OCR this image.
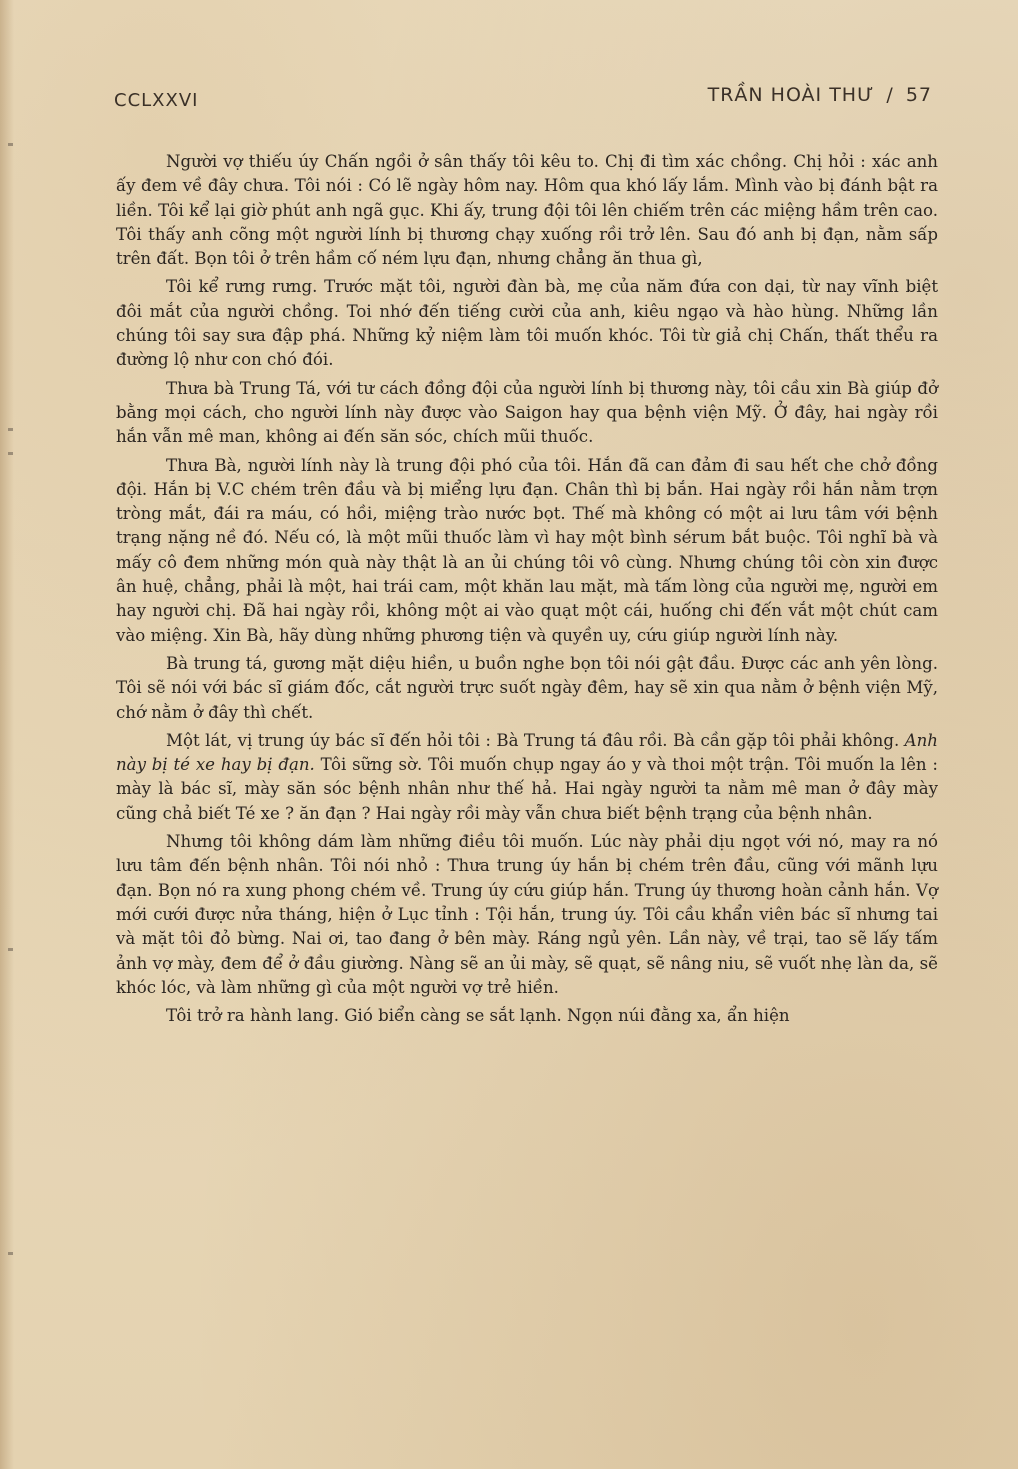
CCLXXVI	TRẦN HOÀI THƯ / 57

Người vợ thiếu úy Chấn ngồi ở sân thấy tôi kêu to. Chị đi tìm xác chồng. Chị hỏi : xác anh ấy đem về đây chưa. Tôi nói : Có lẽ ngày hôm nay. Hôm qua khó lấy lắm. Mình vào bị đánh bật ra liền. Tôi kể lại giờ phút anh ngã gục. Khi ấy, trung đội tôi lên chiếm trên các miệng hầm trên cao. Tôi thấy anh cõng một người lính bị thương chạy xuống rồi trở lên. Sau đó anh bị đạn, nằm sấp trên đất. Bọn tôi ở trên hầm cố ném lựu đạn, nhưng chẳng ăn thua gì,

Tôi kể rưng rưng. Trước mặt tôi, người đàn bà, mẹ của năm đứa con dại, từ nay vĩnh biệt đôi mắt của người chồng. Toi nhớ đến tiếng cười của anh, kiêu ngạo và hào hùng. Những lần chúng tôi say sưa đập phá. Những kỷ niệm làm tôi muốn khóc. Tôi từ giả chị Chấn, thất thểu ra đường lộ như con chó đói.

Thưa bà Trung Tá, với tư cách đồng đội của người lính bị thương này, tôi cầu xin Bà giúp đở bằng mọi cách, cho người lính này được vào Saigon hay qua bệnh viện Mỹ. Ở đây, hai ngày rồi hắn vẫn mê man, không ai đến săn sóc, chích mũi thuốc.

Thưa Bà, người lính này là trung đội phó của tôi. Hắn đã can đảm đi sau hết che chở đồng đội. Hắn bị V.C chém trên đầu và bị miểng lựu đạn. Chân thì bị bắn. Hai ngày rồi hắn nằm trợn tròng mắt, đái ra máu, có hồi, miệng trào nước bọt. Thế mà không có một ai lưu tâm với bệnh trạng nặng nề đó. Nếu có, là một mũi thuốc làm vì hay một bình sérum bắt buộc. Tôi nghĩ bà và mấy cô đem những món quà này thật là an ủi chúng tôi vô cùng. Nhưng chúng tôi còn xin được ân huệ, chẳng, phải là một, hai trái cam, một khăn lau mặt, mà tấm lòng của người mẹ, người em hay người chị. Đã hai ngày rồi, không một ai vào quạt một cái, huống chi đến vắt một chút cam vào miệng. Xin Bà, hãy dùng những phương tiện và quyền uy, cứu giúp người lính này.

Bà trung tá, gương mặt diệu hiền, u buồn nghe bọn tôi nói gật đầu. Được các anh yên lòng. Tôi sẽ nói với bác sĩ giám đốc, cắt người trực suốt ngày đêm, hay sẽ xin qua nằm ở bệnh viện Mỹ, chớ nằm ở đây thì chết.

Một lát, vị trung úy bác sĩ đến hỏi tôi : Bà Trung tá đâu rồi. Bà cần gặp tôi phải không. Anh này bị té xe hay bị đạn. Tôi sững sờ. Tôi muốn chụp ngay áo y và thoi một trận. Tôi muốn la lên : mày là bác sĩ, mày săn sóc bệnh nhân như thế hả. Hai ngày người ta nằm mê man ở đây mày cũng chả biết Té xe ? ăn đạn ? Hai ngày rồi mày vẫn chưa biết bệnh trạng của bệnh nhân.

Nhưng tôi không dám làm những điều tôi muốn. Lúc này phải dịu ngọt với nó, may ra nó lưu tâm đến bệnh nhân. Tôi nói nhỏ : Thưa trung úy hắn bị chém trên đầu, cũng với mãnh lựu đạn. Bọn nó ra xung phong chém về. Trung úy cứu giúp hắn. Trung úy thương hoàn cảnh hắn. Vợ mới cưới được nửa tháng, hiện ở Lục tỉnh : Tội hắn, trung úy. Tôi cầu khẩn viên bác sĩ nhưng tai và mặt tôi đỏ bừng. Nai ơi, tao đang ở bên mày. Ráng ngủ yên. Lần này, về trại, tao sẽ lấy tấm ảnh vợ mày, đem để ở đầu giường. Nàng sẽ an ủi mày, sẽ quạt, sẽ nâng niu, sẽ vuốt nhẹ làn da, sẽ khóc lóc, và làm những gì của một người vợ trẻ hiền.

Tôi trở ra hành lang. Gió biển càng se sắt lạnh. Ngọn núi đằng xa, ẩn hiện
